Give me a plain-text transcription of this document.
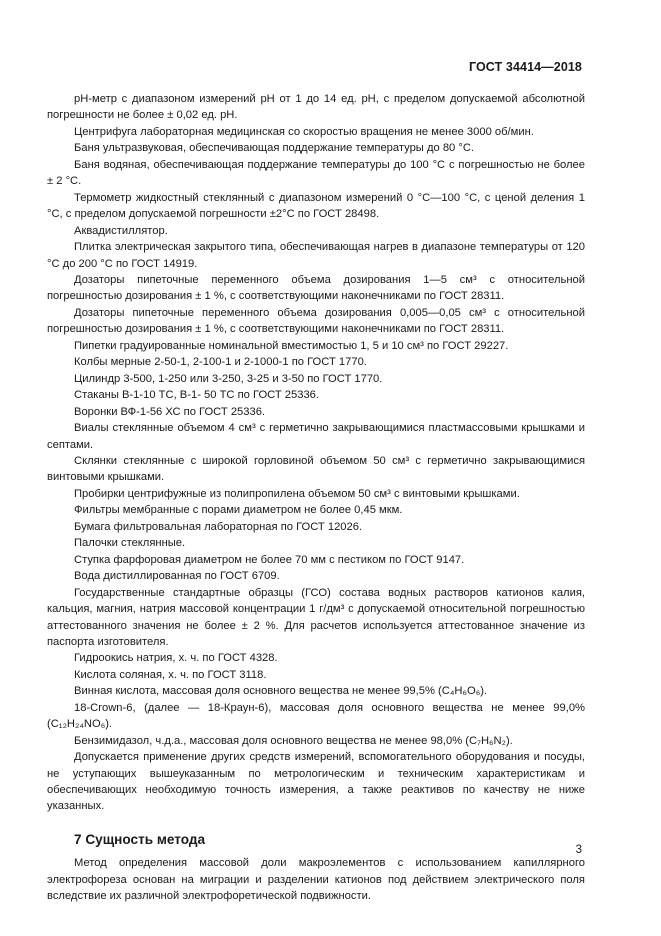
ГОСТ 34414—2018

pH-метр с диапазоном измерений pH от 1 до 14 ед. pH, с пределом допускаемой абсолютной погрешности не более ± 0,02 ед. pH.

Центрифуга лабораторная медицинская со скоростью вращения не менее 3000 об/мин.

Баня ультразвуковая, обеспечивающая поддержание температуры до 80 °С.

Баня водяная, обеспечивающая поддержание температуры до 100 °С с погрешностью не более ± 2 °С.

Термометр жидкостный стеклянный с диапазоном измерений 0 °С—100 °С, с ценой деления 1 °С, с пределом допускаемой погрешности ±2°С по ГОСТ 28498.

Аквадистиллятор.

Плитка электрическая закрытого типа, обеспечивающая нагрев в диапазоне температуры от 120 °С до 200 °С по ГОСТ 14919.

Дозаторы пипеточные переменного объема дозирования 1—5 см³ с относительной погрешностью дозирования ± 1 %, с соответствующими наконечниками по ГОСТ 28311.

Дозаторы пипеточные переменного объема дозирования 0,005—0,05 см³ с относительной погрешностью дозирования ± 1 %, с соответствующими наконечниками по ГОСТ 28311.

Пипетки градуированные номинальной вместимостью 1, 5 и 10 см³ по ГОСТ 29227.

Колбы мерные 2-50-1, 2-100-1 и 2-1000-1 по ГОСТ 1770.

Цилиндр 3-500, 1-250 или 3-250, 3-25 и 3-50 по ГОСТ 1770.

Стаканы В-1-10 ТС, В-1- 50 ТС по ГОСТ 25336.

Воронки ВФ-1-56 ХС по ГОСТ 25336.

Виалы стеклянные объемом 4 см³ с герметично закрывающимися пластмассовыми крышками и септами.

Склянки стеклянные с широкой горловиной объемом 50 см³ с герметично закрывающимися винтовыми крышками.

Пробирки центрифужные из полипропилена объемом 50 см³ с винтовыми крышками.

Фильтры мембранные с порами диаметром не более 0,45 мкм.

Бумага фильтровальная лабораторная по ГОСТ 12026.

Палочки стеклянные.

Ступка фарфоровая диаметром не более 70 мм с пестиком по ГОСТ 9147.

Вода дистиллированная по ГОСТ 6709.

Государственные стандартные образцы (ГСО) состава водных растворов катионов калия, кальция, магния, натрия массовой концентрации 1 г/дм³ с допускаемой относительной погрешностью аттестованного значения не более ± 2 %. Для расчетов используется аттестованное значение из паспорта изготовителя.

Гидроокись натрия, х. ч. по ГОСТ 4328.

Кислота соляная, х. ч. по ГОСТ 3118.

Винная кислота, массовая доля основного вещества не менее 99,5% (C₄H₆O₆).

18-Crown-6, (далее — 18-Краун-6), массовая доля основного вещества не менее 99,0% (C₁₂H₂₄NO₆).

Бензимидазол, ч.д.а., массовая доля основного вещества не менее 98,0% (C₇H₆N₂).

Допускается применение других средств измерений, вспомогательного оборудования и посуды, не уступающих вышеуказанным по метрологическим и техническим характеристикам и обеспечивающих необходимую точность измерения, а также реактивов по качеству не ниже указанных.

7 Сущность метода

Метод определения массовой доли макроэлементов с использованием капиллярного электрофореза основан на миграции и разделении катионов под действием электрического поля вследствие их различной электрофоретической подвижности.

3
